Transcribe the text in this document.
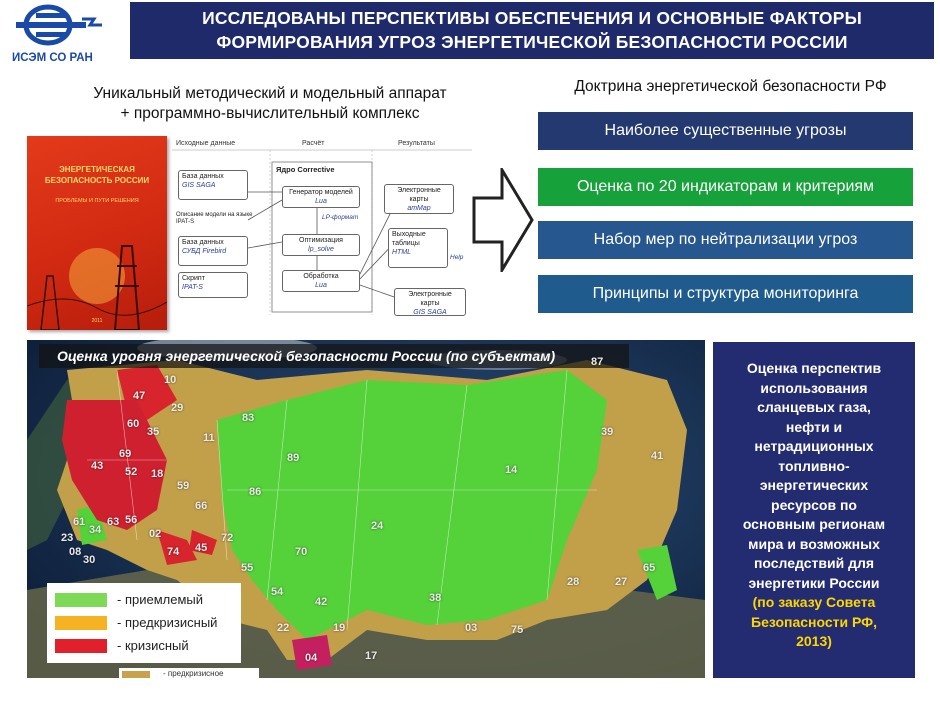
ИСЭМ СО РАН
ИССЛЕДОВАНЫ ПЕРСПЕКТИВЫ ОБЕСПЕЧЕНИЯ И ОСНОВНЫЕ ФАКТОРЫ
ФОРМИРОВАНИЯ УГРОЗ ЭНЕРГЕТИЧЕСКОЙ БЕЗОПАСНОСТИ РОССИИ
Уникальный методический и модельный аппарат
+ программно-вычислительный комплекс
ЭНЕРГЕТИЧЕСКАЯ БЕЗОПАСНОСТЬ РОССИИ
ПРОБЛЕМЫ И ПУТИ РЕШЕНИЯ
2011
Исходные данные	Расчёт	Результаты
База данных
GIS SAGA
Описание модели на языке IPAT-S
База данных
СУБД Firebird
Скрипт
IPAT-S
Ядро Corrective
Генератор моделей
Lua
LP-формат
Оптимизация
lp_solve
Обработка
Lua
Электронные карты
amMap
Выходные таблицы
HTML
Help
Электронные карты
GIS SAGA
Доктрина энергетической безопасности РФ
Наиболее существенные угрозы
Оценка по 20 индикаторам и критериям
Набор мер по нейтрализации угроз
Принципы и структура мониторинга
Оценка уровня энергетической безопасности России (по субъектам)
10
47
29
83
87
60
35	11	39
41
69
52
43
18
89
14
59
66
86
61
34
63 56
02	72
23
74 45
24
08
30
55
70
65
28	27
54
42	38
22	19
04	17
03	75
- приемлемый
- предкризисный
- кризисный
- предкризисное
Оценка перспектив
использования
сланцевых газа,
нефти и
нетрадиционных
топливно-
энергетических
ресурсов по
основным регионам
мира и возможных
последствий для
энергетики России
(по заказу Совета
Безопасности РФ,
2013)
